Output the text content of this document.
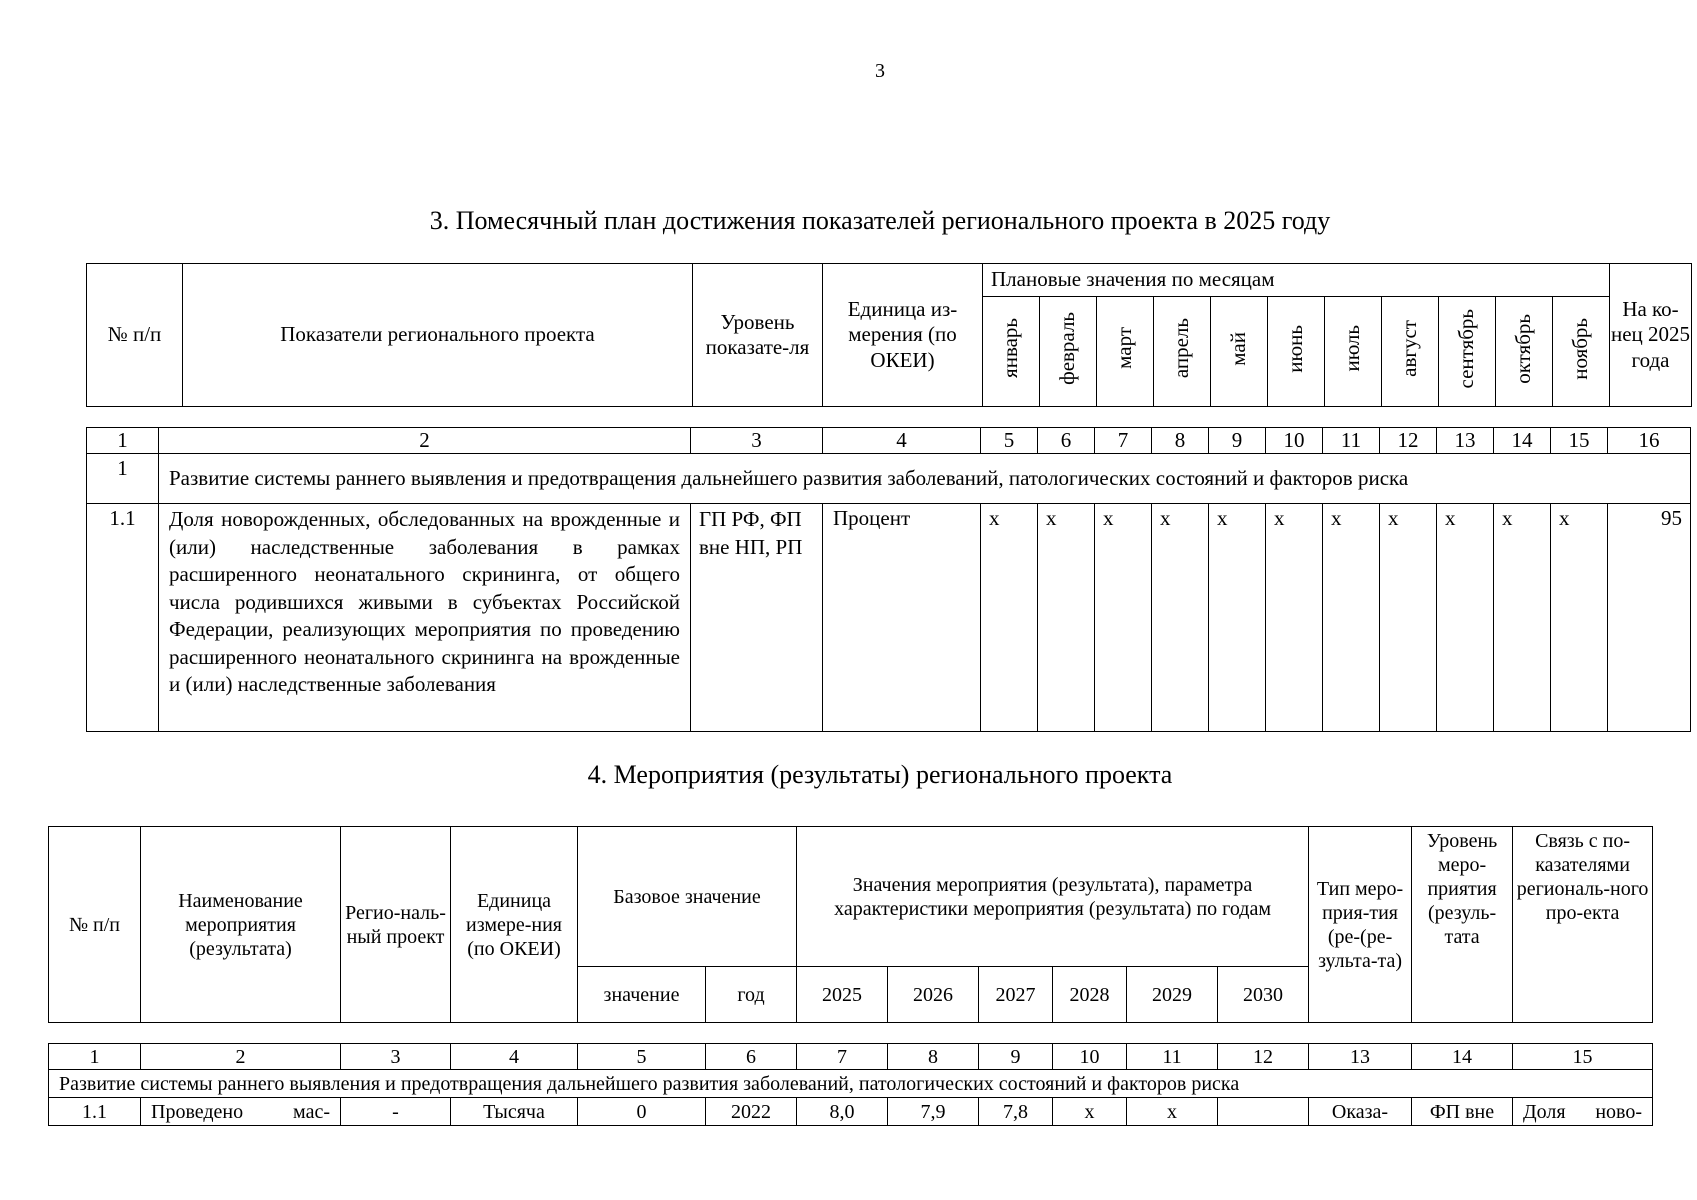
3
3. Помесячный план достижения показателей регионального проекта в 2025 году
№ п/п	Показатели регионального проекта	Уровень показате-ля	Единица из-мерения (по ОКЕИ)	Плановые значения по месяцам											На ко-нец 2025 года
				январь	февраль	март	апрель	май	июнь	июль	август	сентябрь	октябрь	ноябрь	
1	2	3	4	5	6	7	8	9	10	11	12	13	14	15	16
1	Развитие системы раннего выявления и предотвращения дальнейшего развития заболеваний, патологических состояний и факторов риска														
1.1	Доля новорожденных, обследованных на врожденные и (или) наследственные заболевания в рамках расширенного неонатального скрининга, от общего числа родившихся живыми в субъектах Российской Федерации, реализующих мероприятия по проведению расширенного неонатального скрининга на врожденные и (или) наследственные заболевания	ГП РФ, ФП вне НП, РП	Процент	x	x	x	x	x	x	x	x	x	x	x	95
4. Мероприятия (результаты) регионального проекта
№ п/п	Наименование мероприятия (результата)	Регио-наль-ный проект	Единица измере-ния (по ОКЕИ)	Базовое значение		Значения мероприятия (результата), параметра характеристики мероприятия (результата) по годам						Тип меро-прия-тия (ре-(ре-зульта-та)	Уровень меро-приятия (резуль-тата	Связь с по-казателями региональ-ного про-екта
				значение	год	2025	2026	2027	2028	2029	2030			
1	2	3	4	5	6	7	8	9	10	11	12	13	14	15
Развитие системы раннего выявления и предотвращения дальнейшего развития заболеваний, патологических состояний и факторов риска														
1.1	Проведено мас-	-	Тысяча	0	2022	8,0	7,9	7,8	x	x		Оказа-	ФП вне	Доля ново-
